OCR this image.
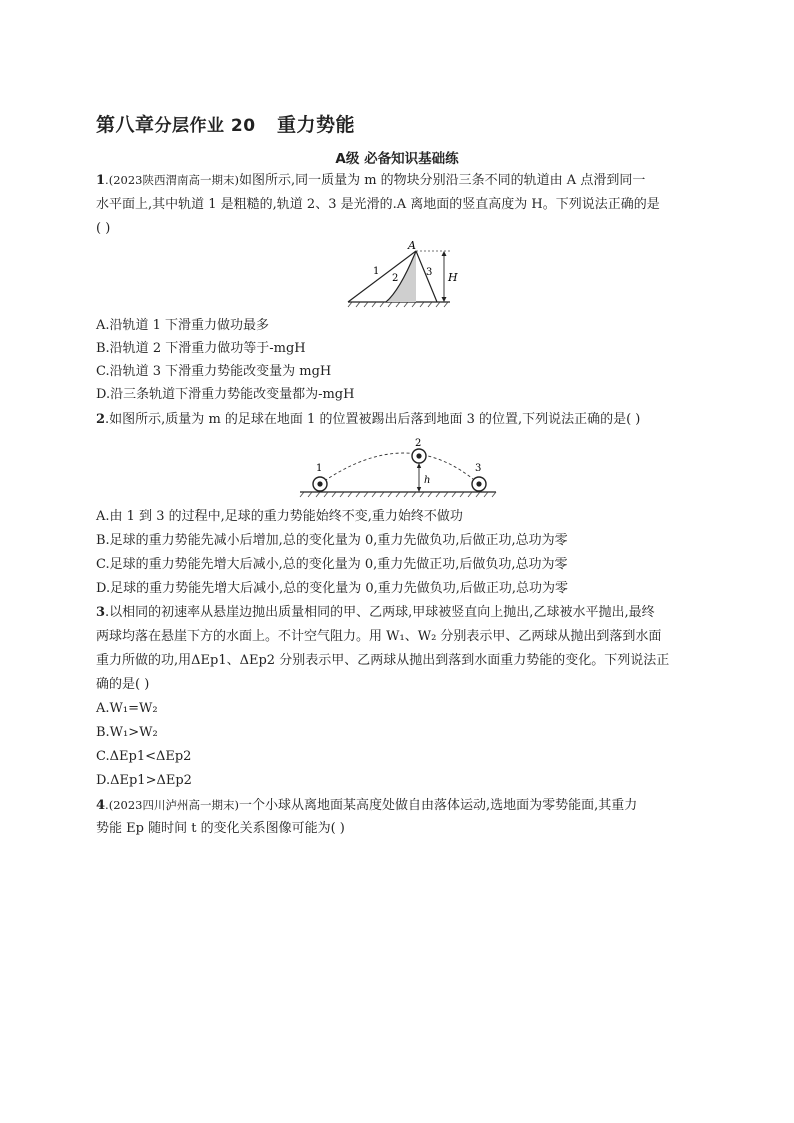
第八章分层作业 20 重力势能
A级 必备知识基础练
1.(2023陕西渭南高一期末)如图所示,同一质量为 m 的物块分别沿三条不同的轨道由 A 点滑到同一
水平面上,其中轨道 1 是粗糙的,轨道 2、3 是光滑的.A 离地面的竖直高度为 H。下列说法正确的是
( )
A
1
2
3 H
A.沿轨道 1 下滑重力做功最多
B.沿轨道 2 下滑重力做功等于-mgH
C.沿轨道 3 下滑重力势能改变量为 mgH
D.沿三条轨道下滑重力势能改变量都为-mgH
2.如图所示,质量为 m 的足球在地面 1 的位置被踢出后落到地面 3 的位置,下列说法正确的是( )
1
2
3
h
A.由 1 到 3 的过程中,足球的重力势能始终不变,重力始终不做功
B.足球的重力势能先减小后增加,总的变化量为 0,重力先做负功,后做正功,总功为零
C.足球的重力势能先增大后减小,总的变化量为 0,重力先做正功,后做负功,总功为零
D.足球的重力势能先增大后减小,总的变化量为 0,重力先做负功,后做正功,总功为零
3.以相同的初速率从悬崖边抛出质量相同的甲、乙两球,甲球被竖直向上抛出,乙球被水平抛出,最终
两球均落在悬崖下方的水面上。不计空气阻力。用 W₁、W₂ 分别表示甲、乙两球从抛出到落到水面
重力所做的功,用ΔEp1、ΔEp2 分别表示甲、乙两球从抛出到落到水面重力势能的变化。下列说法正
确的是( )
A.W₁=W₂
B.W₁>W₂
C.ΔEp1<ΔEp2
D.ΔEp1>ΔEp2
4.(2023四川泸州高一期末)一个小球从离地面某高度处做自由落体运动,选地面为零势能面,其重力
势能 Ep 随时间 t 的变化关系图像可能为( )
